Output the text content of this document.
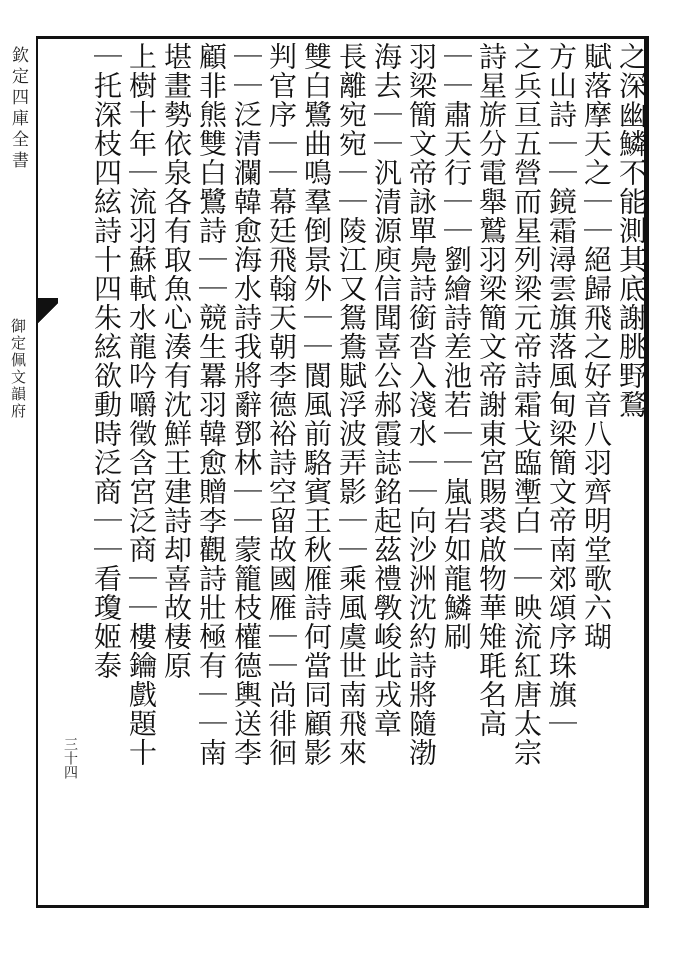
欽定四庫全書
御定佩文韻府
三十四
之深幽鱗不能測其底謝朓野鶩
賦落摩天之｜｜絕歸飛之好音八羽齊明堂歌六瑚
方山詩｜｜鏡霜潯雲旗落風甸梁簡文帝南郊頌序珠旗｜
之兵亘五營而星列梁元帝詩霜戈臨壍白｜｜映流紅唐太宗
詩星旂分電舉鷲羽梁簡文帝謝東宮賜裘啟物華雉毦名高
｜｜肅天行｜｜劉繪詩差池若｜｜嵐岩如龍鱗刷
羽梁簡文帝詠單鳧詩銜沓入淺水｜｜向沙洲沈約詩將隨渤
海去｜｜汎清源庾信聞喜公郝霞誌銘起茲禮斆峻此戎章
長離宛宛｜｜陵江又鴛鴦賦浮波弄影｜｜乘風虞世南飛來
雙白鷺曲鳴羣倒景外｜｜閬風前駱賓王秋雁詩何當同顧影
判官序｜｜幕廷飛翰天朝李德裕詩空留故國雁｜｜尚徘徊
｜｜泛清瀾韓愈海水詩我將辭鄧林｜｜蒙籠枝權德輿送李
顧非熊雙白鷺詩｜｜競生羃羽韓愈贈李觀詩壯極有｜｜南
堪畫勢依泉各有取魚心湊有沈鮮王建詩却喜故棲原
上樹十年｜流羽蘇軾水龍吟嚼徵含宮泛商｜｜樓鑰戲題十
｜托深枝四絃詩十四朱絃欲動時泛商｜｜看瓊姬泰
